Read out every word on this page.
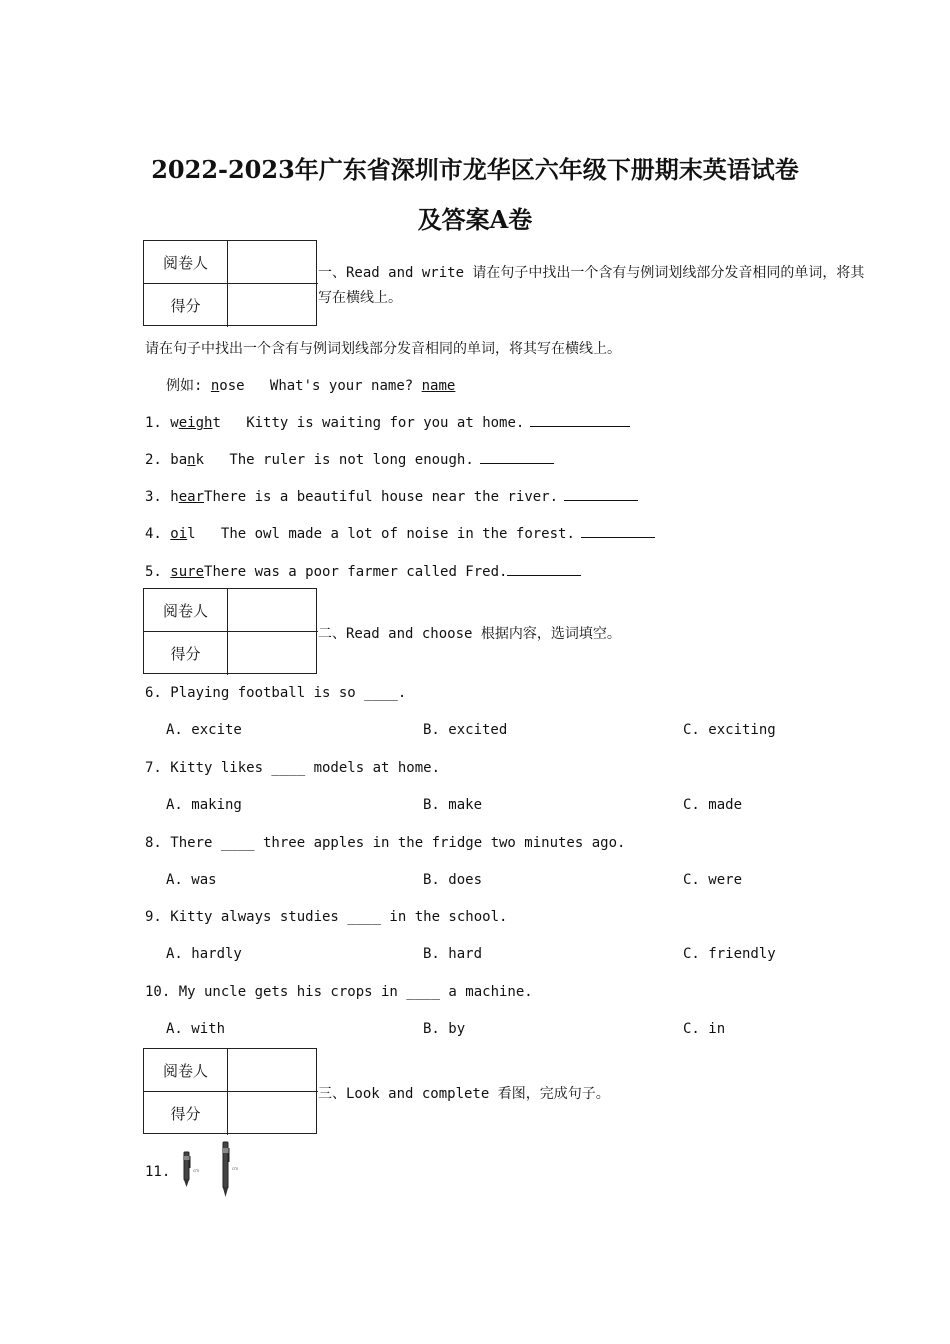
2022-2023年广东省深圳市龙华区六年级下册期末英语试卷
及答案A卷
阅卷人
得分
一、Read and write 请在句子中找出一个含有与例词划线部分发音相同的单词，将其
写在横线上。
请在句子中找出一个含有与例词划线部分发音相同的单词，将其写在横线上。
例如: nose What's your name? name
1. weight Kitty is waiting for you at home.
2. bank The ruler is not long enough.
3. hearThere is a beautiful house near the river.
4. oil The owl made a lot of noise in the forest.
5. sureThere was a poor farmer called Fred.
阅卷人
得分
二、Read and choose 根据内容，选词填空。
6. Playing football is so ____.
A. excite	B. excited	C. exciting
7. Kitty likes ____ models at home.
A. making	B. make	C. made
8. There ____ three apples in the fridge two minutes ago.
A. was	B. does	C. were
9. Kitty always studies ____ in the school.
A. hardly	B. hard	C. friendly
10. My uncle gets his crops in ____ a machine.
A. with	B. by	C. in
阅卷人
得分
三、Look and complete 看图，完成句子。
11.	cm	cm
